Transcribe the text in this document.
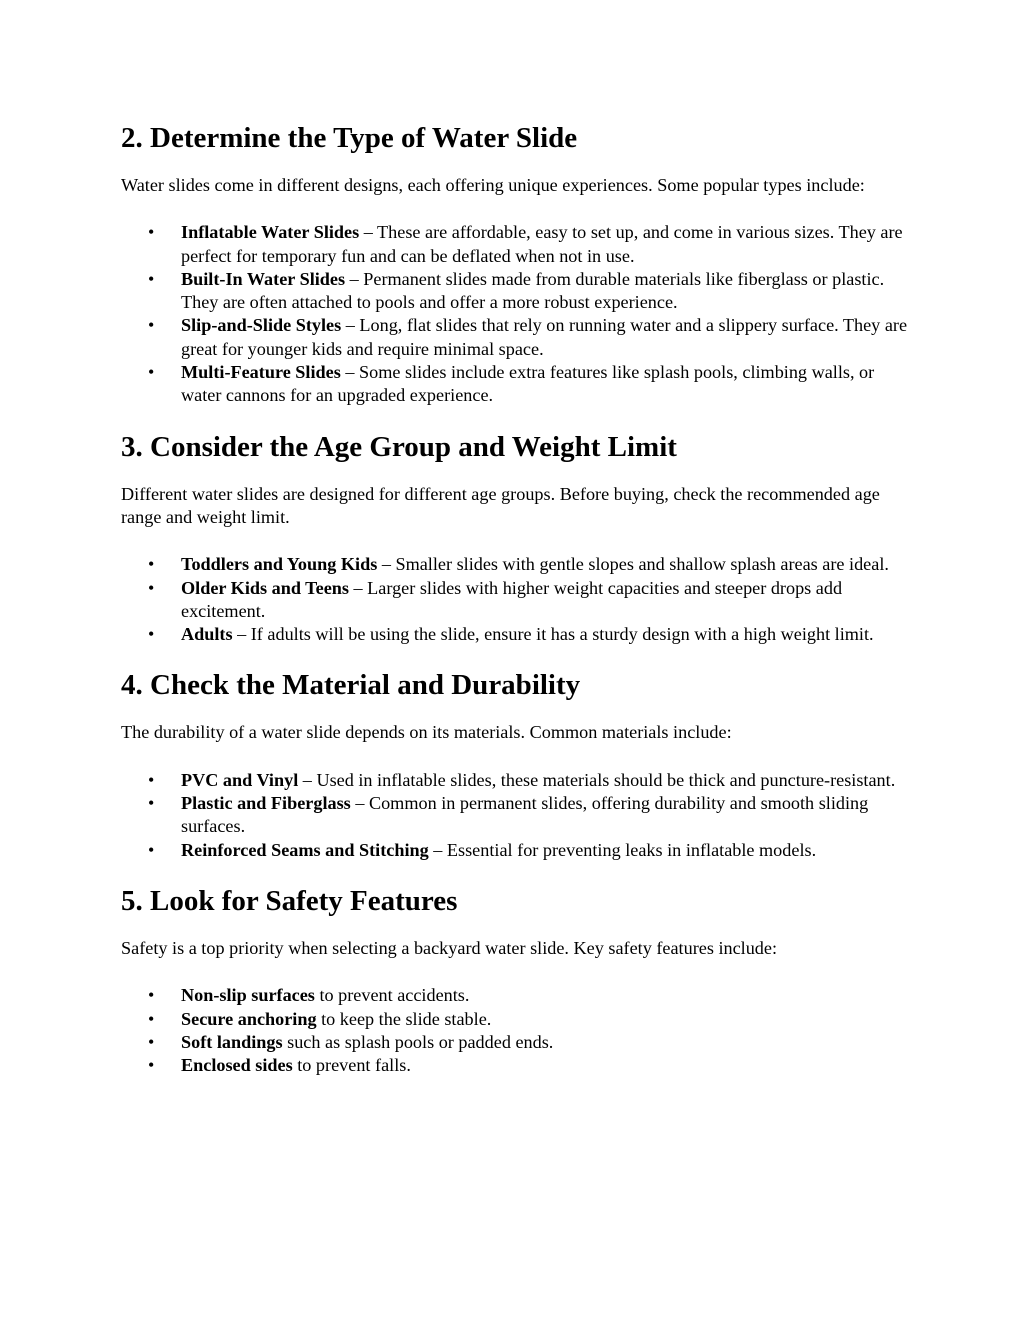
2. Determine the Type of Water Slide

Water slides come in different designs, each offering unique experiences. Some popular types include:

• Inflatable Water Slides – These are affordable, easy to set up, and come in various sizes. They are perfect for temporary fun and can be deflated when not in use.
• Built-In Water Slides – Permanent slides made from durable materials like fiberglass or plastic. They are often attached to pools and offer a more robust experience.
• Slip-and-Slide Styles – Long, flat slides that rely on running water and a slippery surface. They are great for younger kids and require minimal space.
• Multi-Feature Slides – Some slides include extra features like splash pools, climbing walls, or water cannons for an upgraded experience.
3. Consider the Age Group and Weight Limit

Different water slides are designed for different age groups. Before buying, check the recommended age range and weight limit.

• Toddlers and Young Kids – Smaller slides with gentle slopes and shallow splash areas are ideal.
• Older Kids and Teens – Larger slides with higher weight capacities and steeper drops add excitement.
• Adults – If adults will be using the slide, ensure it has a sturdy design with a high weight limit.
4. Check the Material and Durability

The durability of a water slide depends on its materials. Common materials include:

• PVC and Vinyl – Used in inflatable slides, these materials should be thick and puncture-resistant.
• Plastic and Fiberglass – Common in permanent slides, offering durability and smooth sliding surfaces.
• Reinforced Seams and Stitching – Essential for preventing leaks in inflatable models.
5. Look for Safety Features

Safety is a top priority when selecting a backyard water slide. Key safety features include:

• Non-slip surfaces to prevent accidents.
• Secure anchoring to keep the slide stable.
• Soft landings such as splash pools or padded ends.
• Enclosed sides to prevent falls.
